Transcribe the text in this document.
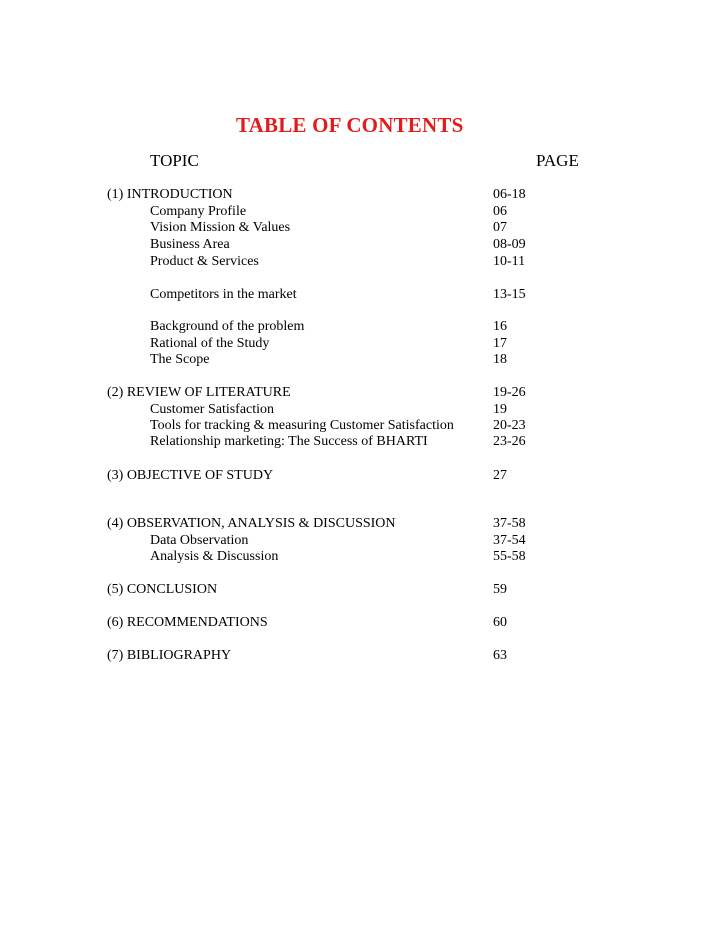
TABLE OF CONTENTS
TOPIC	PAGE
(1) INTRODUCTION	06-18
Company Profile	06
Vision Mission & Values	07
Business Area	08-09
Product & Services	10-11
Competitors in the market	13-15
Background of the problem	16
Rational of the Study	17
The Scope	18
(2) REVIEW OF LITERATURE	19-26
Customer Satisfaction	19
Tools for tracking & measuring Customer Satisfaction	20-23
Relationship marketing: The Success of BHARTI	23-26
(3) OBJECTIVE OF STUDY	27
(4) OBSERVATION, ANALYSIS & DISCUSSION	37-58
Data Observation	37-54
Analysis & Discussion	55-58
(5) CONCLUSION	59
(6) RECOMMENDATIONS	60
(7) BIBLIOGRAPHY	63
